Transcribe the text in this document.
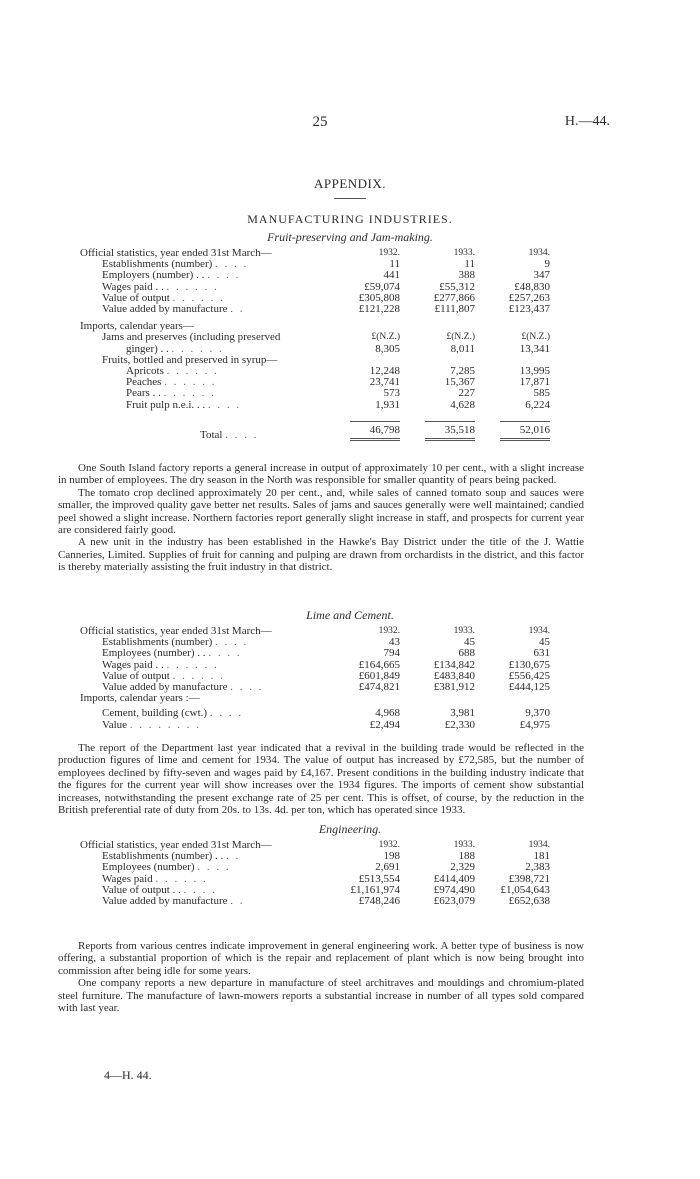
25	H.—44.
APPENDIX.
MANUFACTURING INDUSTRIES.
Fruit-preserving and Jam-making.
Official statistics, year ended 31st March—	1932.	1933.	1934.
Establishments (number) . . . .	11	11	9
Employers (number) . . . . . .	441	388	347
Wages paid . . . . . . . .	£59,074	£55,312	£48,830
Value of output . . . . . .	£305,808	£277,866	£257,263
Value added by manufacture . .	£121,228	£111,807	£123,437
Imports, calendar years—			
Jams and preserves (including preserved	£(N.Z.)	£(N.Z.)	£(N.Z.)
ginger) . . . . . . . .	8,305	8,011	13,341
Fruits, bottled and preserved in syrup—			
Apricots . . . . . .	12,248	7,285	13,995
Peaches . . . . . .	23,741	15,367	17,871
Pears . . . . . . . .	573	227	585
Fruit pulp n.e.i. . . . . . .	1,931	4,628	6,224
Total . . . .	46,798	35,518	52,016

One South Island factory reports a general increase in output of approximately 10 per cent., with a slight increase in number of employees. The dry season in the North was responsible for smaller quantity of pears being packed.

The tomato crop declined approximately 20 per cent., and, while sales of canned tomato soup and sauces were smaller, the improved quality gave better net results. Sales of jams and sauces generally were well maintained; candied peel showed a slight increase. Northern factories report generally slight increase in staff, and prospects for current year are considered fairly good.

A new unit in the industry has been established in the Hawke's Bay District under the title of the J. Wattie Canneries, Limited. Supplies of fruit for canning and pulping are drawn from orchardists in the district, and this factor is thereby materially assisting the fruit industry in that district.

Lime and Cement.
Official statistics, year ended 31st March—	1932.	1933.	1934.
Establishments (number) . . . .	43	45	45
Employees (number) . . . . . .	794	688	631
Wages paid . . . . . . . .	£164,665	£134,842	£130,675
Value of output . . . . . .	£601,849	£483,840	£556,425
Value added by manufacture . . . .	£474,821	£381,912	£444,125
Imports, calendar years :—			
Cement, building (cwt.) . . . .	4,968	3,981	9,370
Value . . . . . . . .	£2,494	£2,330	£4,975

The report of the Department last year indicated that a revival in the building trade would be reflected in the production figures of lime and cement for 1934. The value of output has increased by £72,585, but the number of employees declined by fifty-seven and wages paid by £4,167. Present conditions in the building industry indicate that the figures for the current year will show increases over the 1934 figures. The imports of cement show substantial increases, notwithstanding the present exchange rate of 25 per cent. This is offset, of course, by the reduction in the British preferential rate of duty from 20s. to 13s. 4d. per ton, which has operated since 1933.

Engineering.
Official statistics, year ended 31st March—	1932.	1933.	1934.
Establishments (number) . . . .	198	188	181
Employees (number) . . . .	2,691	2,329	2,383
Wages paid . . . . . .	£513,554	£414,409	£398,721
Value of output . . . . . .	£1,161,974	£974,490	£1,054,643
Value added by manufacture . .	£748,246	£623,079	£652,638

Reports from various centres indicate improvement in general engineering work. A better type of business is now offering, a substantial proportion of which is the repair and replacement of plant which is now being brought into commission after being idle for some years.

One company reports a new departure in manufacture of steel architraves and mouldings and chromium-plated steel furniture. The manufacture of lawn-mowers reports a substantial increase in number of all types sold compared with last year.

4—H. 44.
